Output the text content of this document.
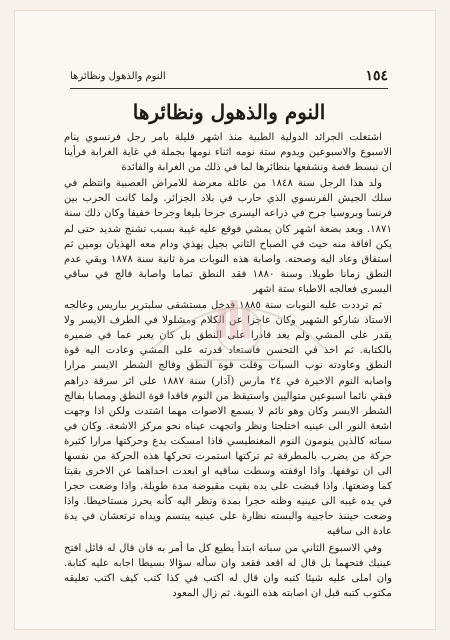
١٥٤
النوم والذهول ونظائرها
النوم والذهول ونظائرها

اشتغلت الجرائد الدولية الطبية منذ اشهر قليلة بامر رجل فرنسوي ينام الاسبوع والاسبوعين ويدوم ستة نومه اثناء نومها بجملة في غاية الغرابة فرأينا ان نبسط قصة ونشفعها بنظائرها لما في ذلك من الغرابة والفائدة

ولد هذا الرجل سنة ١٨٤٨ من عائلة معرضة للامراض العصبية وانتظم في سلك الجيش الفرنسوي الذي حارب في بلاد الجزائر. ولما كانت الحرب بين فرنسا وبروسيا جرح في ذراعه اليسرى جرحا بليغا وجرحا خفيفا وكان ذلك سنة ١٨٧١. وبعد بضعة اشهر كان يمشي فوقع عليه غيبة بسبب تشنج شديد حتى لم يكن افاقة منه حيث في الصباح الثاني بجيل يهذي ودام معه الهذيان بومين ثم استفاق وعاد اليه وصحته. واصابة هذه النوبات مرة ثانية سنة ١٨٧٨ وبقي عدم النطق زمانا طويلا. وسنة ١٨٨٠ فقد النطق تماما واصابة فالج في ساقي اليسرى فعالجه الاطباء ستة اشهر

ثم ترددت عليه النوبات سنة ١٨٨٥ فدخل مستشفى سلبترير بباريس وعالجه الاستاذ شاركو الشهير وكان عاجزا عن الكلام ومشلولا في الطرف الايسر ولا يقدر على المشي ولم يعد قادرا على النطق بل كان يعبر عما في ضميره بالكتابة. ثم اخذ في التحسن فاستعاد قدرته على المشي وعادت اليه قوة النطق وعاودته نوب السبات وقلت قوة النطق وفالج الشطر الايسر مرارا واصابه النوم الاخيرة في ٢٤ مارس (آذار) سنة ١٨٨٧ على اثر سرقة دراهم فبقي نائما اسبوعين متواليين واستيقظ من النوم فاقدا قوة النطق ومصابا بفالج الشطر الايسر وكان وهو نائم لا يسمع الاصوات مهما اشتدت ولكن اذا وجهت اشعة النور الى عينيه اختلجتا ونظر واتجهت عيناه نحو مركز الاشعة. وكان في سباته كالذين ينومون النوم المغنطيسي فاذا امسكت يدع وحركتها مرارا كثيرة حركة من يضرب بالمطرقة ثم تركتها استمرت تحركها هذه الحركة من نفسها الى ان توقفها. واذا اوقفته وسطت ساقيه او ابعدت احداهما عن الاخرى بقيتا كما وضعتها. واذا قبضت على يده بقيت مقبوضة مدة طويلة. واذا وضعت حجرا في يده غيبه الى عينيه وظنه حجرا بمدة ونظر اليه كأنه يحرز مستاخيطا. واذا وضعت حيننذ حاجبيه والبسته نظارة على عينيه يبتسم ويداه ترتعشان في يدة عادة الى ساقيه

وفي الاسبوع الثاني من سباته ابتدأ يطيع كل ما أمر به فان قال له قائل افتح عينيك فتحهما بل قال له اقعد فقعد وان سأله سؤالا بسيطا اجابه عليه كتابة. وان املى عليه شيئا كتبه وان قال له اكتب في كذا كتب كيف اكتب تعليقه مكتوب كتبه قبل ان اصابته هذه النوبة. ثم زال المعود
